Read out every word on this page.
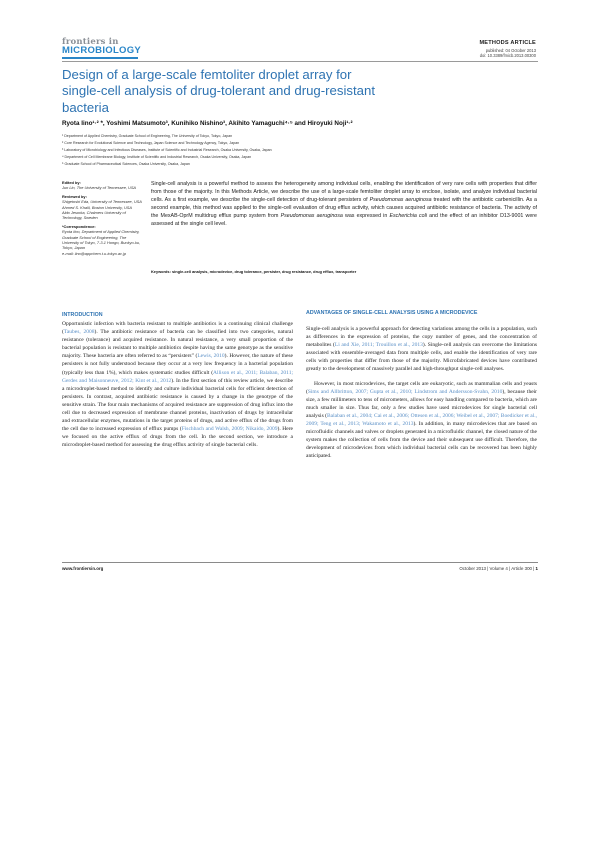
frontiers in
MICROBIOLOGY
METHODS ARTICLE
published: 04 October 2013
doi: 10.3389/fmicb.2013.00300
Design of a large-scale femtoliter droplet array for single-cell analysis of drug-tolerant and drug-resistant bacteria
Ryota Iino¹·² *, Yoshimi Matsumoto³, Kunihiko Nishino³, Akihito Yamaguchi⁴·⁵ and Hiroyuki Noji¹·²
¹ Department of Applied Chemistry, Graduate School of Engineering, The University of Tokyo, Tokyo, Japan
² Core Research for Evolutional Science and Technology, Japan Science and Technology Agency, Tokyo, Japan
³ Laboratory of Microbiology and Infectious Diseases, Institute of Scientific and Industrial Research, Osaka University, Osaka, Japan
⁴ Department of Cell Membrane Biology, Institute of Scientific and Industrial Research, Osaka University, Osaka, Japan
⁵ Graduate School of Pharmaceutical Sciences, Osaka University, Osaka, Japan
Edited by:
Jun Lin, The University of Tennessee, USA
Reviewed by:
Shigetoshi Eda, University of Tennessee, USA
Ahmed S. Khalil, Boston University, USA
Aldo Jesorka, Chalmers University of Technology, Sweden
*Correspondence:
Ryota Iino, Department of Applied Chemistry, Graduate School of Engineering, The University of Tokyo, 7-3-1 Hongo, Bunkyo-ku, Tokyo, Japan
e-mail: iino@appchem.t.u-tokyo.ac.jp
Single-cell analysis is a powerful method to assess the heterogeneity among individual cells, enabling the identification of very rare cells with properties that differ from those of the majority. In this Methods Article, we describe the use of a large-scale femtoliter droplet array to enclose, isolate, and analyze individual bacterial cells. As a first example, we describe the single-cell detection of drug-tolerant persisters of Pseudomonas aeruginosa treated with the antibiotic carbenicillin. As a second example, this method was applied to the single-cell evaluation of drug efflux activity, which causes acquired antibiotic resistance of bacteria. The activity of the MexAB-OprM multidrug efflux pump system from Pseudomonas aeruginosa was expressed in Escherichia coli and the effect of an inhibitor D13-9001 were assessed at the single cell level.
Keywords: single-cell analysis, microdevice, drug tolerance, persister, drug resistance, drug efflux, transporter
INTRODUCTION

Opportunistic infection with bacteria resistant to multiple antibiotics is a continuing clinical challenge (Taubes, 2008). The antibiotic resistance of bacteria can be classified into two categories, natural resistance (tolerance) and acquired resistance. In natural resistance, a very small proportion of the bacterial population is resistant to multiple antibiotics despite having the same genotype as the sensitive majority. These bacteria are often referred to as “persisters” (Lewis, 2010). However, the nature of these persisters is not fully understood because they occur at a very low frequency in a bacterial population (typically less than 1%), which makes systematic studies difficult (Allison et al., 2011; Balaban, 2011; Gerdes and Maisonneuve, 2012; Kint et al., 2012). In the first section of this review article, we describe a microdroplet-based method to identify and culture individual bacterial cells for efficient detection of persisters. In contrast, acquired antibiotic resistance is caused by a change in the genotype of the sensitive strain. The four main mechanisms of acquired resistance are suppression of drug influx into the cell due to decreased expression of membrane channel proteins, inactivation of drugs by intracellular and extracellular enzymes, mutations in the target proteins of drugs, and active efflux of the drugs from the cell due to increased expression of efflux pumps (Fischbach and Walsh, 2009; Nikaido, 2009). Here we focused on the active efflux of drugs from the cell. In the second section, we introduce a microdroplet-based method for assessing the drug efflux activity of single bacterial cells.

ADVANTAGES OF SINGLE-CELL ANALYSIS USING A MICRODEVICE

Single-cell analysis is a powerful approach for detecting variations among the cells in a population, such as differences in the expression of proteins, the copy number of genes, and the concentration of metabolites (Li and Xie, 2011; Trouillon et al., 2013). Single-cell analysis can overcome the limitations associated with ensemble-averaged data from multiple cells, and enable the identification of very rare cells with properties that differ from those of the majority. Microfabricated devices have contributed greatly to the development of massively parallel and high-throughput single-cell analyses.

However, in most microdevices, the target cells are eukaryotic, such as mammalian cells and yeasts (Sims and Allbritton, 2007; Gupta et al., 2010; Lindstrom and Andersson-Svahn, 2010), because their size, a few millimeters to tens of micrometers, allows for easy handling compared to bacteria, which are much smaller in size. Thus far, only a few studies have used microdevices for single bacterial cell analysis (Balaban et al., 2004; Cai et al., 2006; Ottesen et al., 2006; Weibel et al., 2007; Boedicker et al., 2009; Teng et al., 2013; Wakamoto et al., 2013). In addition, in many microdevices that are based on microfluidic channels and valves or droplets generated in a microfluidic channel, the closed nature of the system makes the collection of cells from the device and their subsequent use difficult. Therefore, the development of microdevices from which individual bacterial cells can be recovered has been highly anticipated.

www.frontiersin.org	October 2013 | Volume 4 | Article 300 | 1
